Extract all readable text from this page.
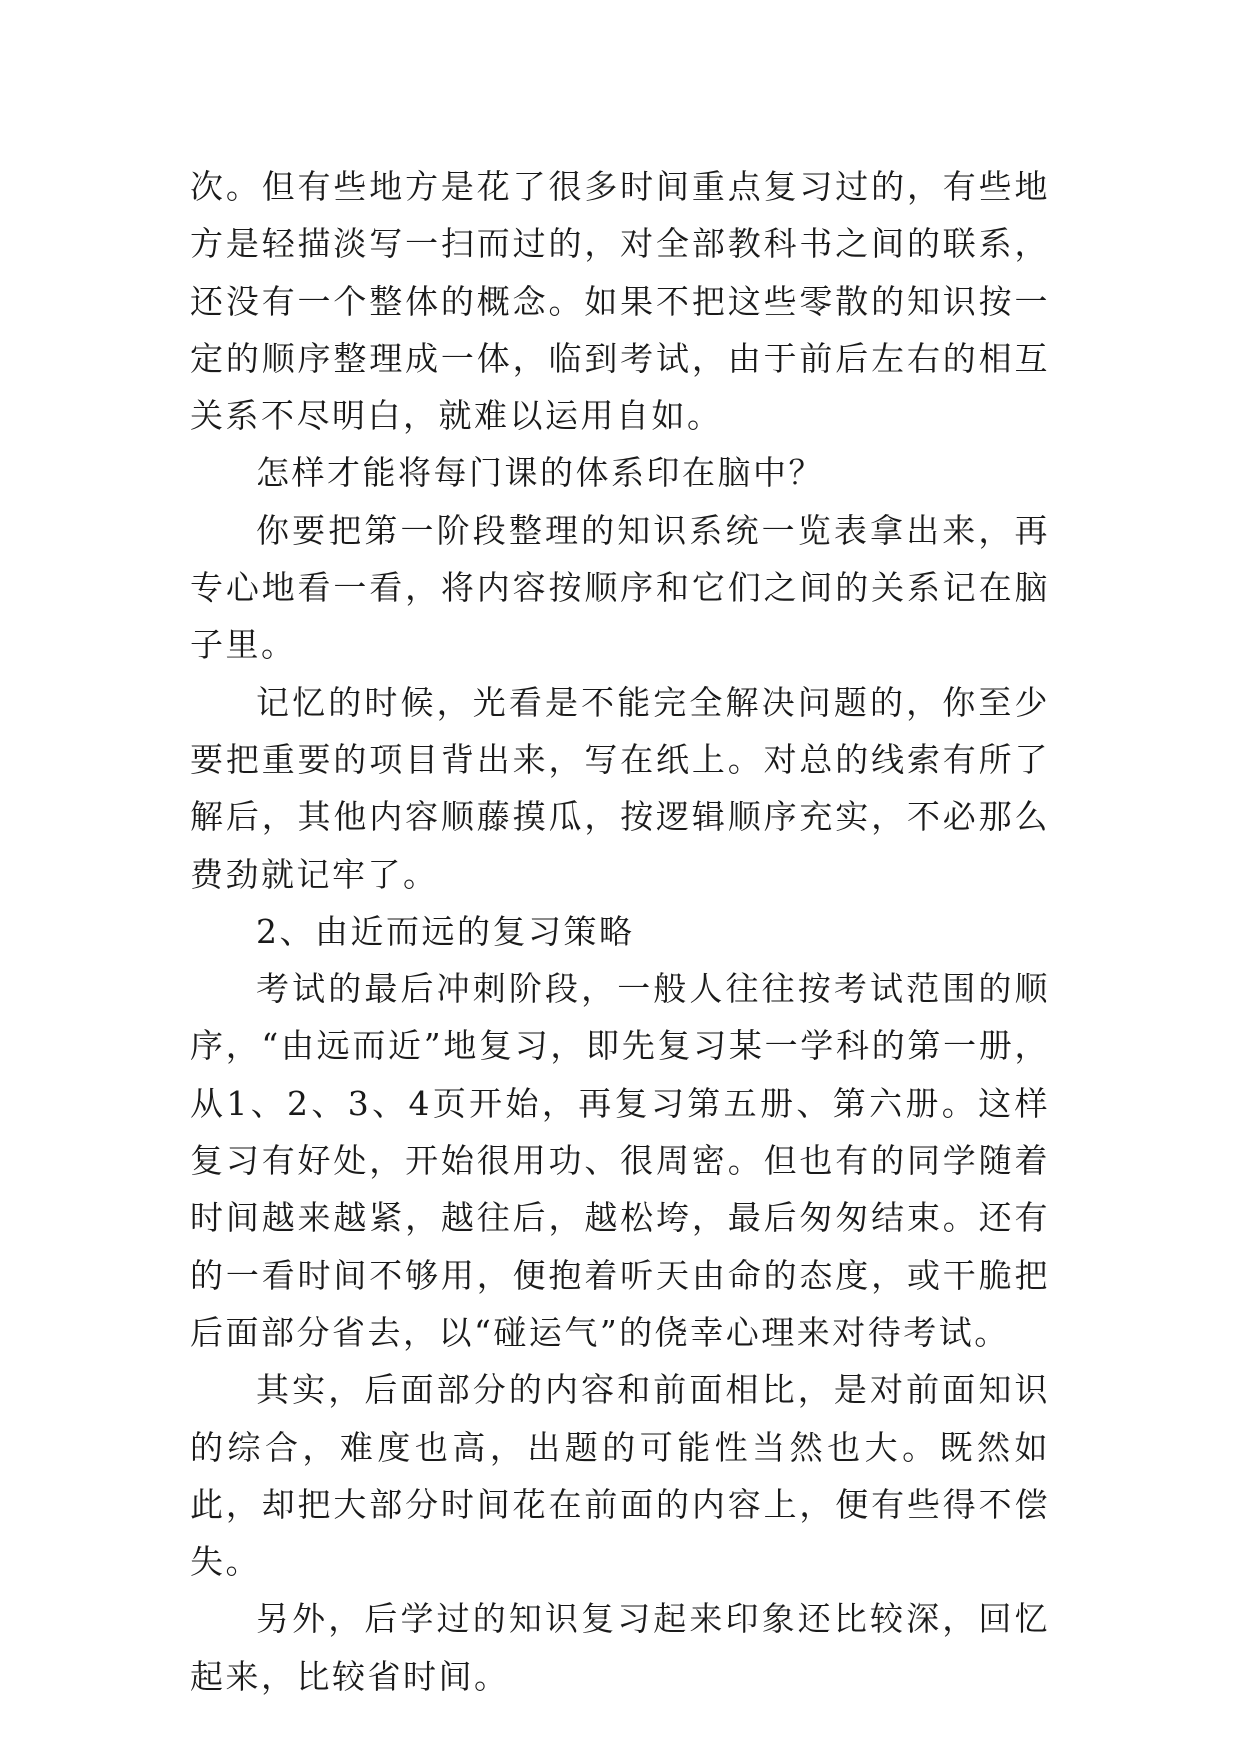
次。但有些地方是花了很多时间重点复习过的，有些地方是轻描淡写一扫而过的，对全部教科书之间的联系，还没有一个整体的概念。如果不把这些零散的知识按一定的顺序整理成一体，临到考试，由于前后左右的相互关系不尽明白，就难以运用自如。

怎样才能将每门课的体系印在脑中？

你要把第一阶段整理的知识系统一览表拿出来，再专心地看一看，将内容按顺序和它们之间的关系记在脑子里。

记忆的时候，光看是不能完全解决问题的，你至少要把重要的项目背出来，写在纸上。对总的线索有所了解后，其他内容顺藤摸瓜，按逻辑顺序充实，不必那么费劲就记牢了。

2、由近而远的复习策略

考试的最后冲刺阶段，一般人往往按考试范围的顺序，“由远而近”地复习，即先复习某一学科的第一册，从1、2、3、4页开始，再复习第五册、第六册。这样复习有好处，开始很用功、很周密。但也有的同学随着时间越来越紧，越往后，越松垮，最后匆匆结束。还有的一看时间不够用，便抱着听天由命的态度，或干脆把后面部分省去，以“碰运气”的侥幸心理来对待考试。

其实，后面部分的内容和前面相比，是对前面知识的综合，难度也高，出题的可能性当然也大。既然如此，却把大部分时间花在前面的内容上，便有些得不偿失。

另外，后学过的知识复习起来印象还比较深，回忆起来，比较省时间。
